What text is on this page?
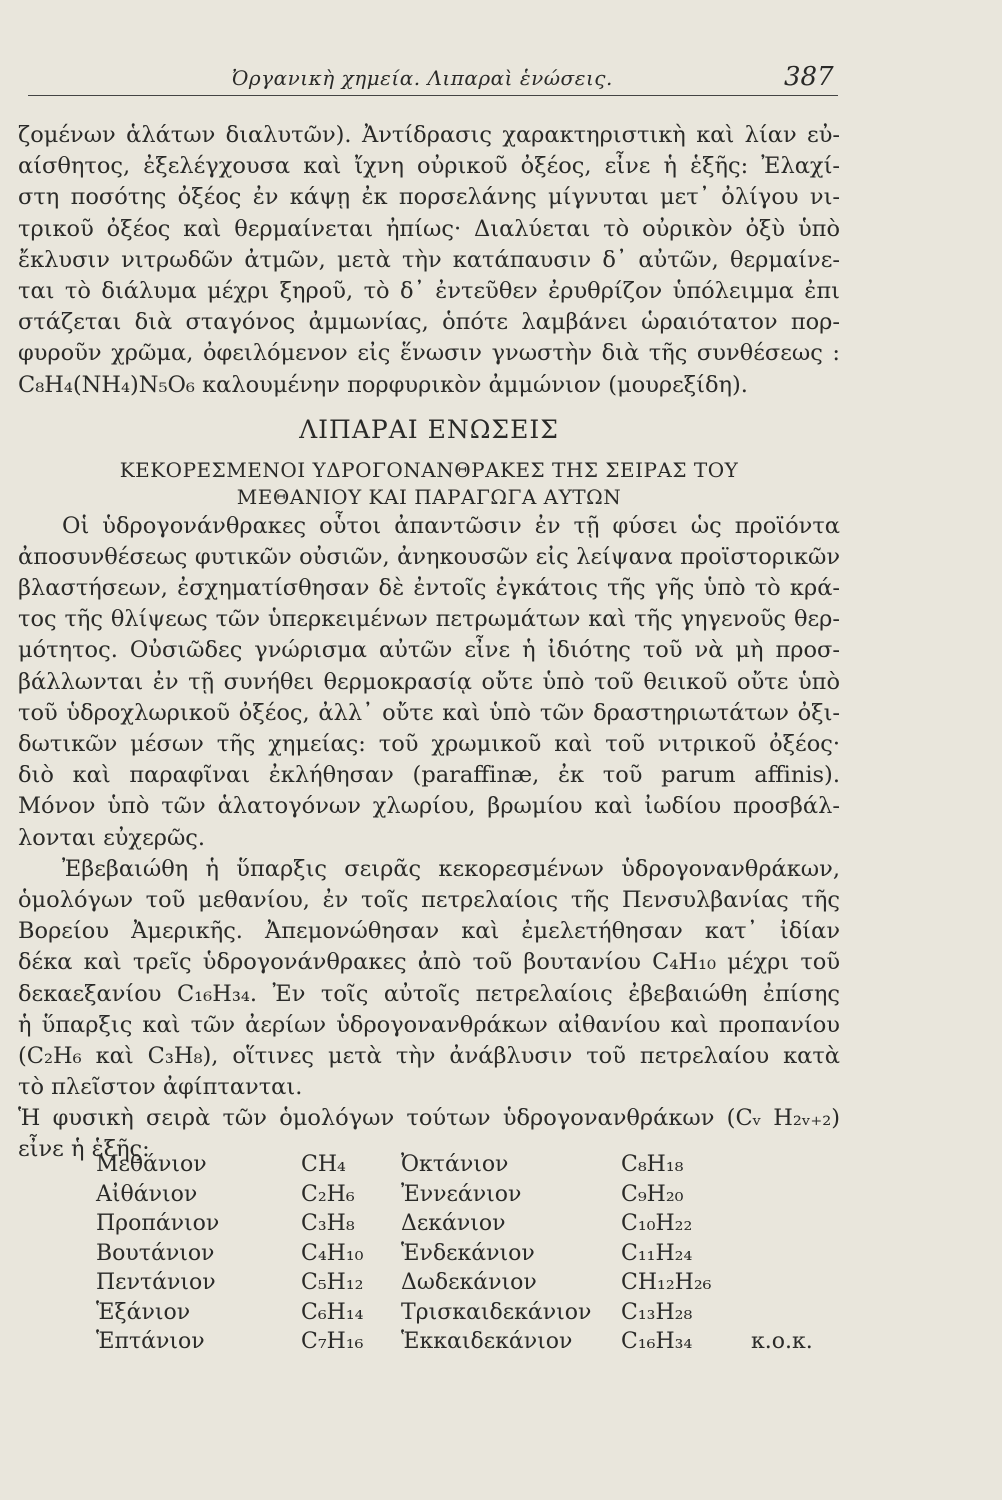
Ὀργανικὴ χημεία. Λιπαραὶ ἑνώσεις.	387
ζομένων ἁλάτων διαλυτῶν). Ἀντίδρασις χαρακτηριστικὴ καὶ λίαν εὐ-
αίσθητος, ἐξελέγχουσα καὶ ἴχνη οὐρικοῦ ὀξέος, εἶνε ἡ ἑξῆς: Ἐλαχί-
στη ποσότης ὀξέος ἐν κάψῃ ἐκ πορσελάνης μίγνυται μετ᾽ ὀλίγου νι-
τρικοῦ ὀξέος καὶ θερμαίνεται ἠπίως· Διαλύεται τὸ οὐρικὸν ὀξὺ ὑπὸ
ἔκλυσιν νιτρωδῶν ἀτμῶν, μετὰ τὴν κατάπαυσιν δ᾽ αὐτῶν, θερμαίνε-
ται τὸ διάλυμα μέχρι ξηροῦ, τὸ δ᾽ ἐντεῦθεν ἐρυθρίζον ὑπόλειμμα ἐπι
στάζεται διὰ σταγόνος ἀμμωνίας, ὁπότε λαμβάνει ὡραιότατον πορ-
φυροῦν χρῶμα, ὀφειλόμενον εἰς ἕνωσιν γνωστὴν διὰ τῆς συνθέσεως :
C₈H₄(NH₄)N₅O₆ καλουμένην πορφυρικὸν ἀμμώνιον (μουρεξίδη).
ΛΙΠΑΡΑΙ ΕΝΩΣΕΙΣ
ΚΕΚΟΡΕΣΜΕΝΟΙ ΥΔΡΟΓΟΝΑΝΘΡΑΚΕΣ ΤΗΣ ΣΕΙΡΑΣ ΤΟΥ
ΜΕΘΑΝΙΟΥ ΚΑΙ ΠΑΡΑΓΩΓΑ ΑΥΤΩΝ
Οἱ ὑδρογονάνθρακες οὗτοι ἀπαντῶσιν ἐν τῇ φύσει ὡς προϊόντα
ἀποσυνθέσεως φυτικῶν οὐσιῶν, ἀνηκουσῶν εἰς λείψανα προϊστορικῶν
βλαστήσεων, ἐσχηματίσθησαν δὲ ἐντοῖς ἐγκάτοις τῆς γῆς ὑπὸ τὸ κρά-
τος τῆς θλίψεως τῶν ὑπερκειμένων πετρωμάτων καὶ τῆς γηγενοῦς θερ-
μότητος. Οὐσιῶδες γνώρισμα αὐτῶν εἶνε ἡ ἰδιότης τοῦ νὰ μὴ προσ-
βάλλωνται ἐν τῇ συνήθει θερμοκρασίᾳ οὔτε ὑπὸ τοῦ θειικοῦ οὔτε ὑπὸ
τοῦ ὑδροχλωρικοῦ ὀξέος, ἀλλ᾽ οὔτε καὶ ὑπὸ τῶν δραστηριωτάτων ὀξι-
δωτικῶν μέσων τῆς χημείας: τοῦ χρωμικοῦ καὶ τοῦ νιτρικοῦ ὀξέος·
διὸ καὶ παραφῖναι ἐκλήθησαν (paraffinæ, ἐκ τοῦ parum affinis).
Μόνον ὑπὸ τῶν ἁλατογόνων χλωρίου, βρωμίου καὶ ἰωδίου προσβάλ-
λονται εὐχερῶς.
Ἐβεβαιώθη ἡ ὕπαρξις σειρᾶς κεκορεσμένων ὑδρογονανθράκων,
ὁμολόγων τοῦ μεθανίου, ἐν τοῖς πετρελαίοις τῆς Πενσυλβανίας τῆς
Βορείου Ἀμερικῆς. Ἀπεμονώθησαν καὶ ἐμελετήθησαν κατ᾽ ἰδίαν
δέκα καὶ τρεῖς ὑδρογονάνθρακες ἀπὸ τοῦ βουτανίου C₄H₁₀ μέχρι τοῦ
δεκαεξανίου C₁₆H₃₄. Ἐν τοῖς αὐτοῖς πετρελαίοις ἐβεβαιώθη ἐπίσης
ἡ ὕπαρξις καὶ τῶν ἀερίων ὑδρογονανθράκων αἰθανίου καὶ προπανίου
(C₂H₆ καὶ C₃H₈), οἵτινες μετὰ τὴν ἀνάβλυσιν τοῦ πετρελαίου κατὰ
τὸ πλεῖστον ἀφίπτανται.
Ἡ φυσικὴ σειρὰ τῶν ὁμολόγων τούτων ὑδρογονανθράκων (Cᵥ H₂ᵥ₊₂)
εἶνε ἡ ἑξῆς:
Μεθάνιον	CH₄	Ὀκτάνιον	C₈H₁₈
Αἰθάνιον	C₂H₆ Ἐννεάνιον	C₉H₂₀
Προπάνιον	C₃H₈ Δεκάνιον	C₁₀H₂₂
Βουτάνιον	C₄H₁₀ Ἑνδεκάνιον	C₁₁H₂₄
Πεντάνιον	C₅H₁₂ Δωδεκάνιον	CH₁₂H₂₆
Ἑξάνιον	C₆H₁₄ Τρισκαιδεκάνιον C₁₃H₂₈
Ἑπτάνιον	C₇H₁₆ Ἑκκαιδεκάνιον C₁₆H₃₄	κ.ο.κ.
